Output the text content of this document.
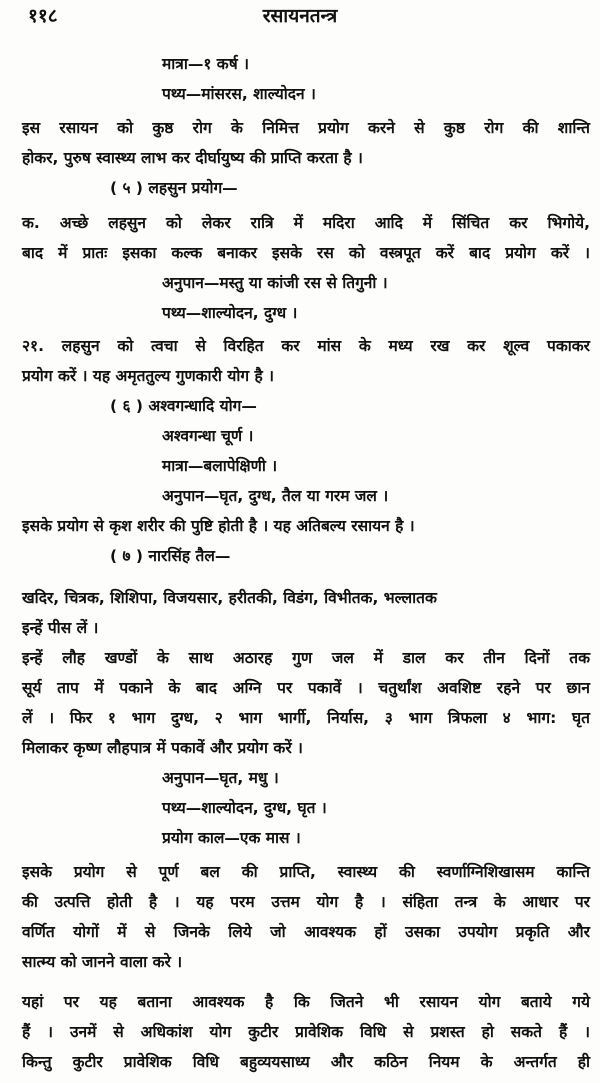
११८	रसायनतन्त्र
मात्रा—१ कर्ष ।
पथ्य—मांसरस, शाल्योदन ।
इस रसायन को कुष्ठ रोग के निमित्त प्रयोग करने से कुष्ठ रोग की शान्ति
होकर, पुरुष स्वास्थ्य लाभ कर दीर्घायुष्य की प्राप्ति करता है ।
( ५ ) लहसुन प्रयोग—
क. अच्छे लहसुन को लेकर रात्रि में मदिरा आदि में सिंचित कर भिगोये,
बाद में प्रातः इसका कल्क बनाकर इसके रस को वस्त्रपूत करें बाद प्रयोग करें ।
अनुपान—मस्तु या कांजी रस से तिगुनी ।
पथ्य—शाल्योदन, दुग्ध ।
२१. लहसुन को त्वचा से विरहित कर मांस के मध्य रख कर शूल्व पकाकर
प्रयोग करें । यह अमृततुल्य गुणकारी योग है ।
( ६ ) अश्वगन्धादि योग—
अश्वगन्धा चूर्ण ।
मात्रा—बलापेक्षिणी ।
अनुपान—घृत, दुग्ध, तैल या गरम जल ।
इसके प्रयोग से कृश शरीर की पुष्टि होती है । यह अतिबल्य रसायन है ।
( ७ ) नारसिंह तैल—
खदिर, चित्रक, शिशिपा, विजयसार, हरीतकी, विडंग, विभीतक, भल्लातक
इन्हें पीस लें ।
इन्हें लौह खण्डों के साथ अठारह गुण जल में डाल कर तीन दिनों तक
सूर्य ताप में पकाने के बाद अग्नि पर पकावें । चतुर्थांश अवशिष्ट रहने पर छान
लें । फिर १ भाग दुग्ध, २ भाग भार्गी, निर्यास, ३ भाग त्रिफला ४ भाग: घृत
मिलाकर कृष्ण लौहपात्र में पकावें और प्रयोग करें ।
अनुपान—घृत, मधु ।
पथ्य—शाल्योदन, दुग्ध, घृत ।
प्रयोग काल—एक मास ।
इसके प्रयोग से पूर्ण बल की प्राप्ति, स्वास्थ्य की स्वर्णाग्निशिखासम कान्ति
की उत्पत्ति होती है । यह परम उत्तम योग है । संहिता तन्त्र के आधार पर
वर्णित योगों में से जिनके लिये जो आवश्यक हों उसका उपयोग प्रकृति और
सात्म्य को जानने वाला करे ।
यहां पर यह बताना आवश्यक है कि जितने भी रसायन योग बताये गये
हैं । उनमें से अधिकांश योग कुटीर प्रावेशिक विधि से प्रशस्त हो सकते हैं ।
किन्तु कुटीर प्रावेशिक विधि बहुव्ययसाध्य और कठिन नियम के अन्तर्गत ही
